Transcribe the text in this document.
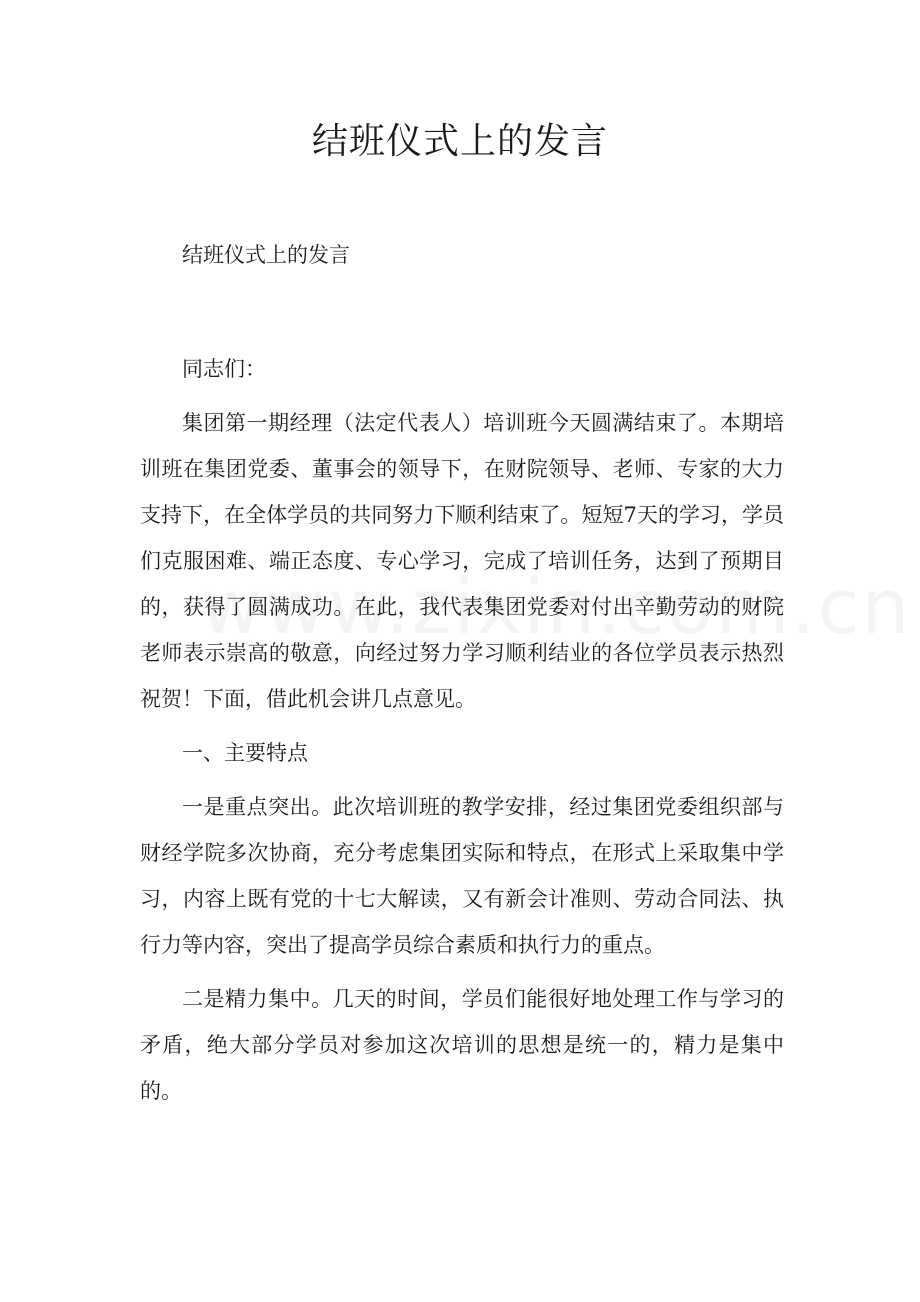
结班仪式上的发言

结班仪式上的发言

同志们：

集团第一期经理（法定代表人）培训班今天圆满结束了。本期培训班在集团党委、董事会的领导下，在财院领导、老师、专家的大力支持下，在全体学员的共同努力下顺利结束了。短短7天的学习，学员们克服困难、端正态度、专心学习，完成了培训任务，达到了预期目的，获得了圆满成功。在此，我代表集团党委对付出辛勤劳动的财院老师表示崇高的敬意，向经过努力学习顺利结业的各位学员表示热烈祝贺！下面，借此机会讲几点意见。

一、主要特点

一是重点突出。此次培训班的教学安排，经过集团党委组织部与财经学院多次协商，充分考虑集团实际和特点，在形式上采取集中学习，内容上既有党的十七大解读，又有新会计准则、劳动合同法、执行力等内容，突出了提高学员综合素质和执行力的重点。

二是精力集中。几天的时间，学员们能很好地处理工作与学习的矛盾，绝大部分学员对参加这次培训的思想是统一的，精力是集中的。
